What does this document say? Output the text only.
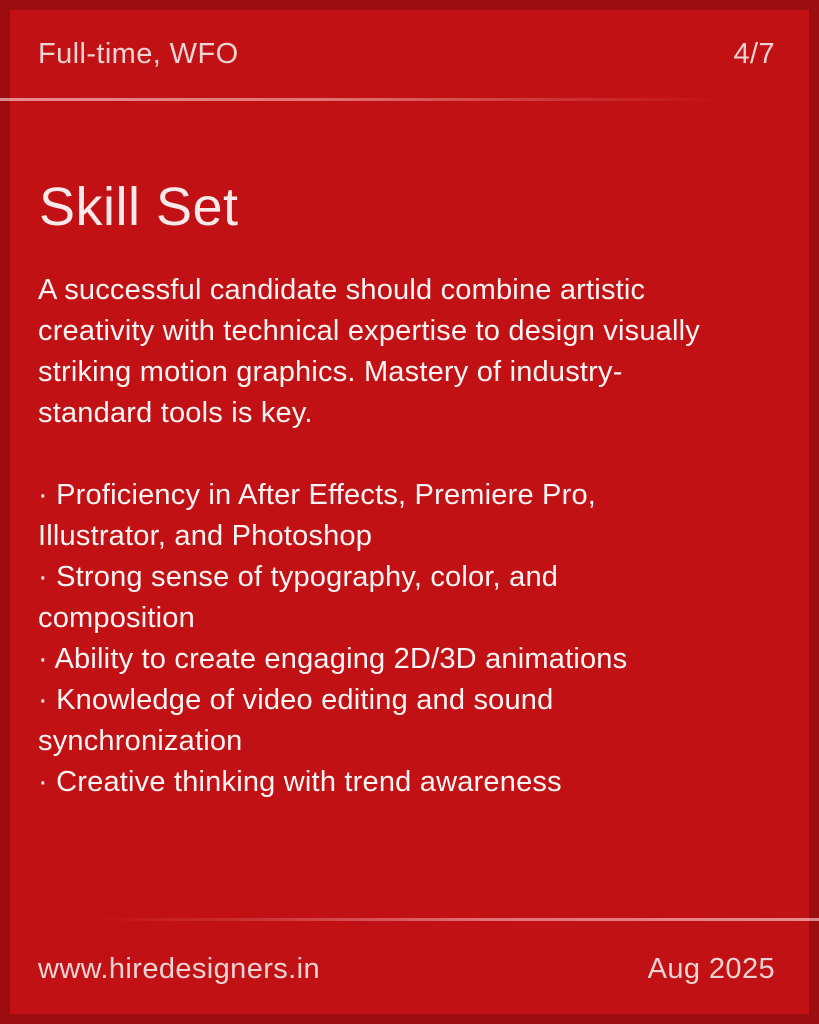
Full-time, WFO	4/7
Skill Set
A successful candidate should combine artistic creativity with technical expertise to design visually striking motion graphics. Mastery of industry-standard tools is key.
· Proficiency in After Effects, Premiere Pro, Illustrator, and Photoshop
· Strong sense of typography, color, and composition
· Ability to create engaging 2D/3D animations
· Knowledge of video editing and sound synchronization
· Creative thinking with trend awareness
www.hiredesigners.in	Aug 2025
